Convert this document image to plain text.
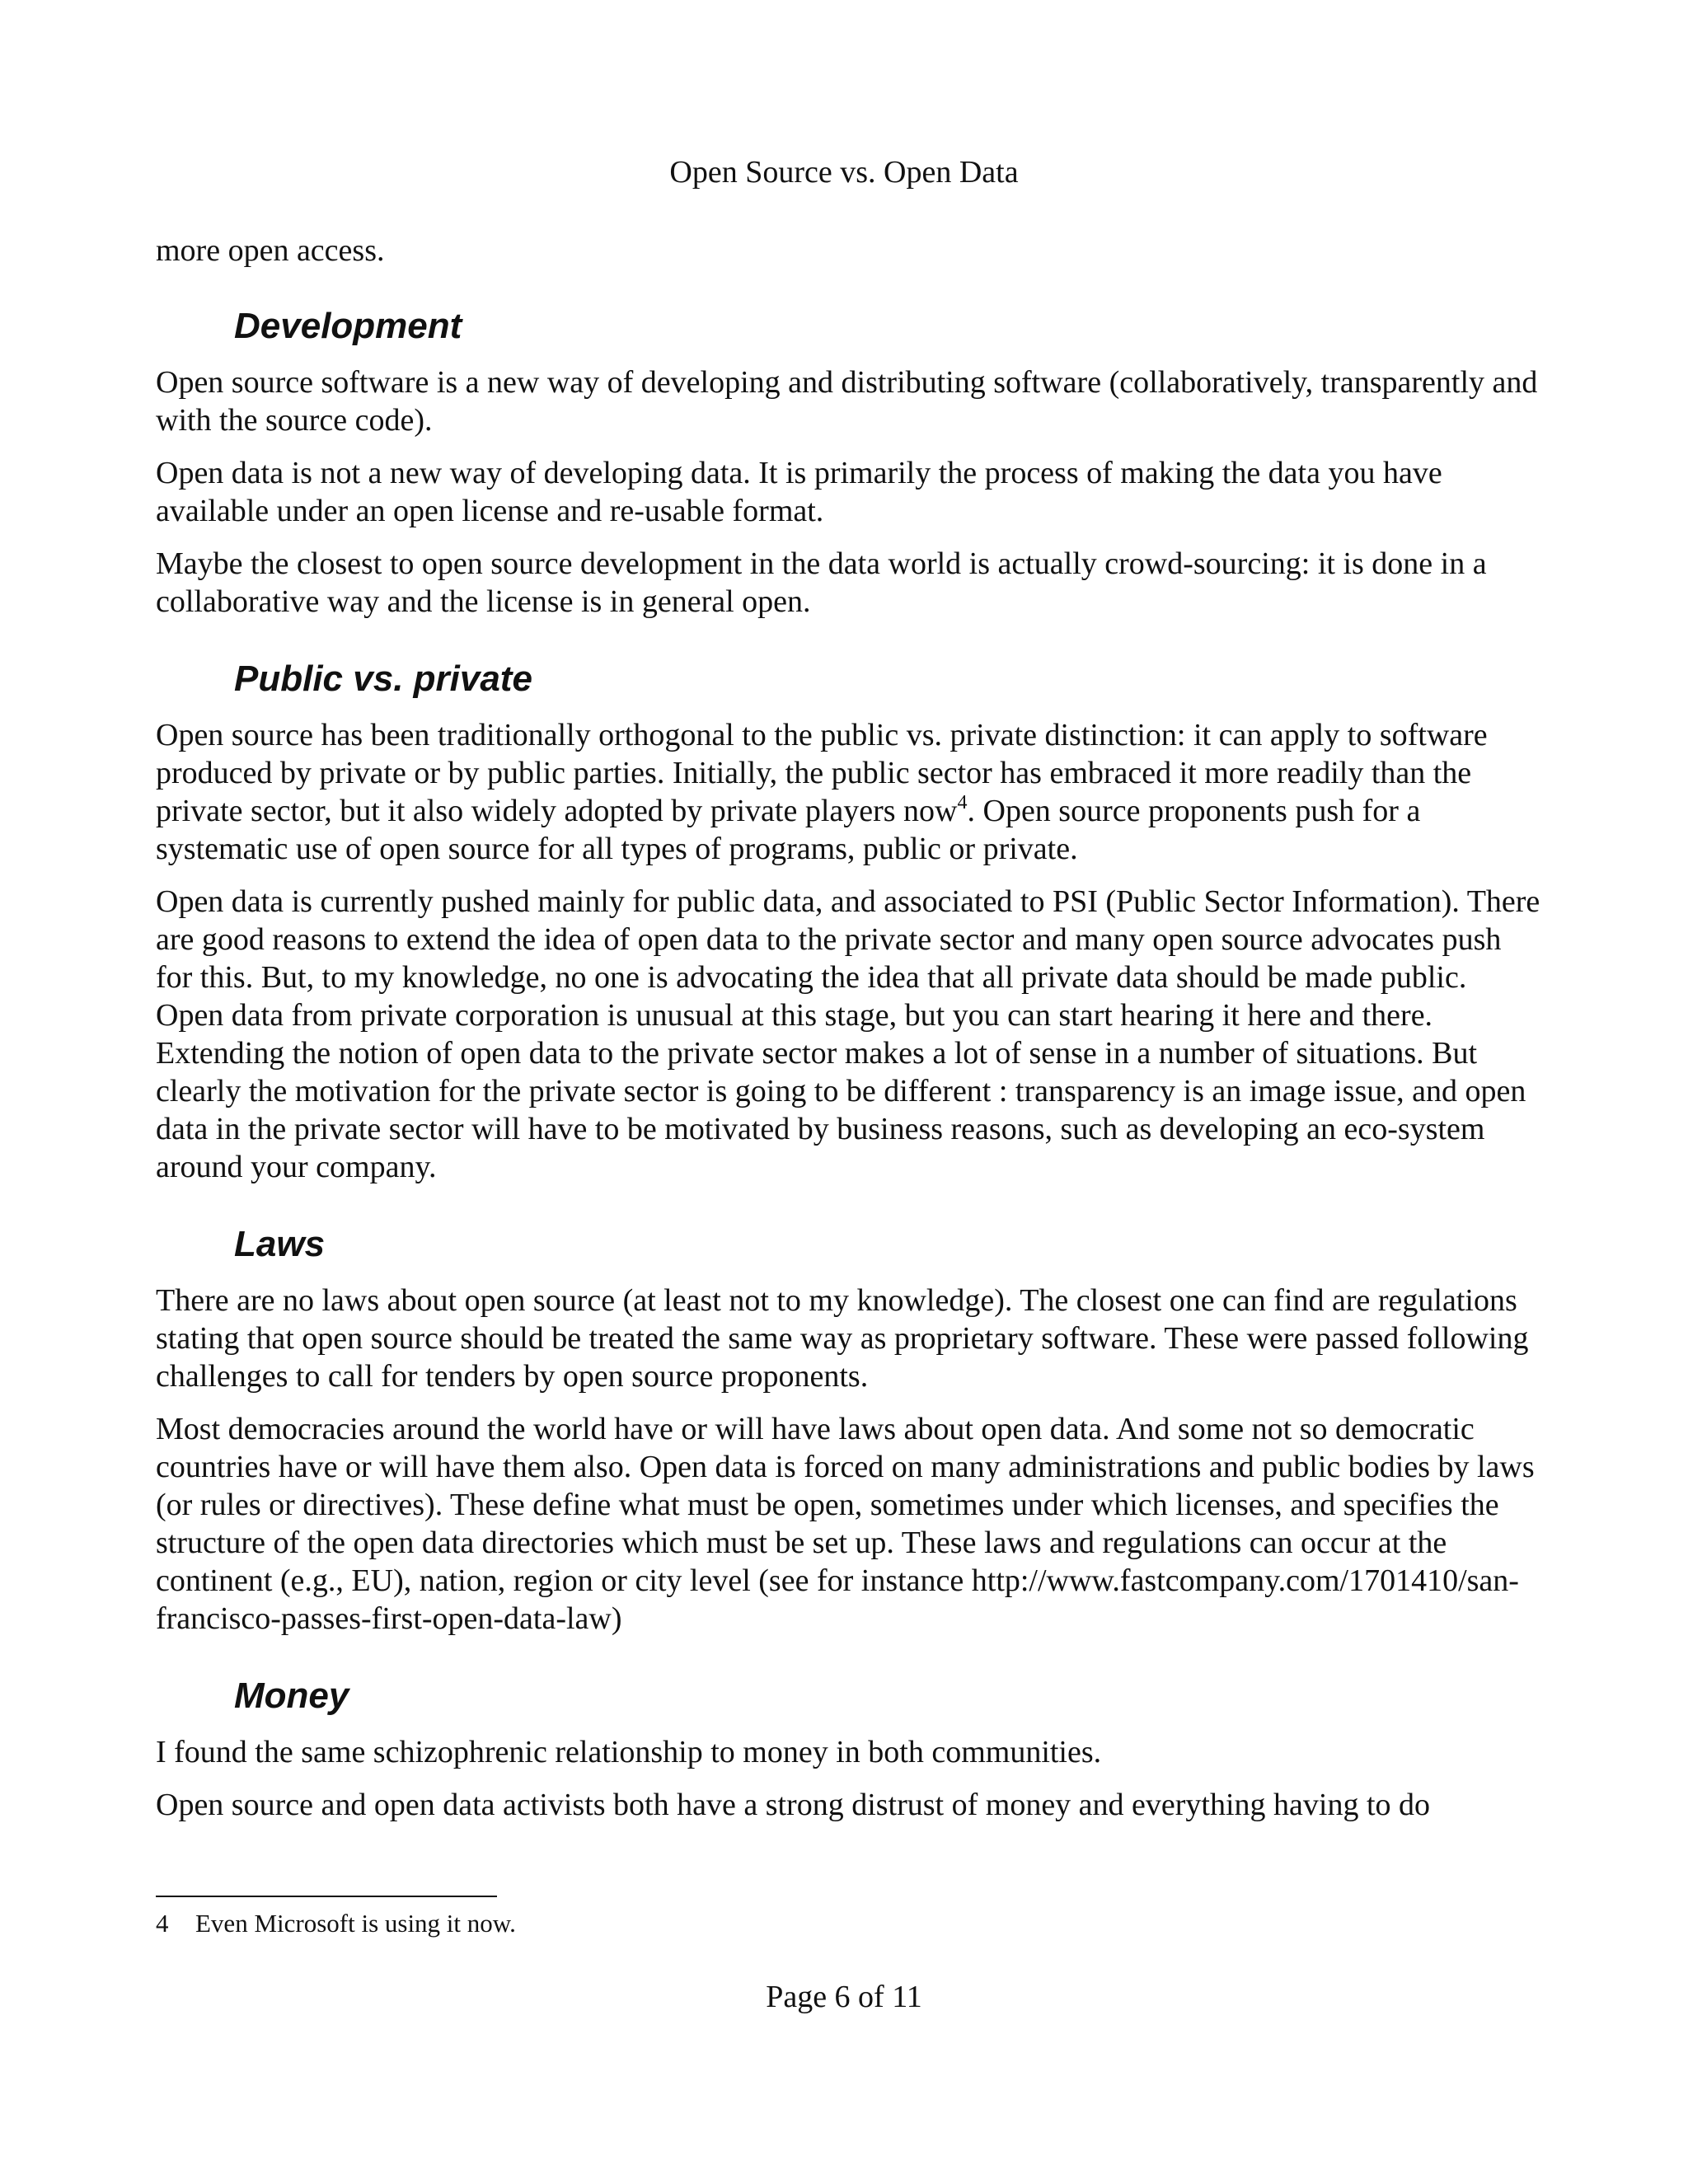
Open Source vs. Open Data

more open access.

Development

Open source software is a new way of developing and distributing software (collaboratively, transparently and with the source code).

Open data is not a new way of developing data. It is primarily the process of making the data you have available under an open license and re-usable format.

Maybe the closest to open source development in the data world is actually crowd-sourcing: it is done in a collaborative way and the license is in general open.

Public vs. private

Open source has been traditionally orthogonal to the public vs. private distinction: it can apply to software produced by private or by public parties. Initially, the public sector has embraced it more readily than the private sector, but it also widely adopted by private players now$^4$. Open source proponents push for a systematic use of open source for all types of programs, public or private.

Open data is currently pushed mainly for public data, and associated to PSI (Public Sector Information). There are good reasons to extend the idea of open data to the private sector and many open source advocates push for this. But, to my knowledge, no one is advocating the idea that all private data should be made public. Open data from private corporation is unusual at this stage, but you can start hearing it here and there. Extending the notion of open data to the private sector makes a lot of sense in a number of situations. But clearly the motivation for the private sector is going to be different : transparency is an image issue, and open data in the private sector will have to be motivated by business reasons, such as developing an eco-system around your company.

Laws

There are no laws about open source (at least not to my knowledge). The closest one can find are regulations stating that open source should be treated the same way as proprietary software. These were passed following challenges to call for tenders by open source proponents.

Most democracies around the world have or will have laws about open data. And some not so democratic countries have or will have them also. Open data is forced on many administrations and public bodies by laws (or rules or directives). These define what must be open, sometimes under which licenses, and specifies the structure of the open data directories which must be set up. These laws and regulations can occur at the continent (e.g., EU), nation, region or city level (see for instance http://www.fastcompany.com/1701410/san-francisco-passes-first-open-data-law)

Money

I found the same schizophrenic relationship to money in both communities.

Open source and open data activists both have a strong distrust of money and everything having to do

4 Even Microsoft is using it now.
Page 6 of 11
